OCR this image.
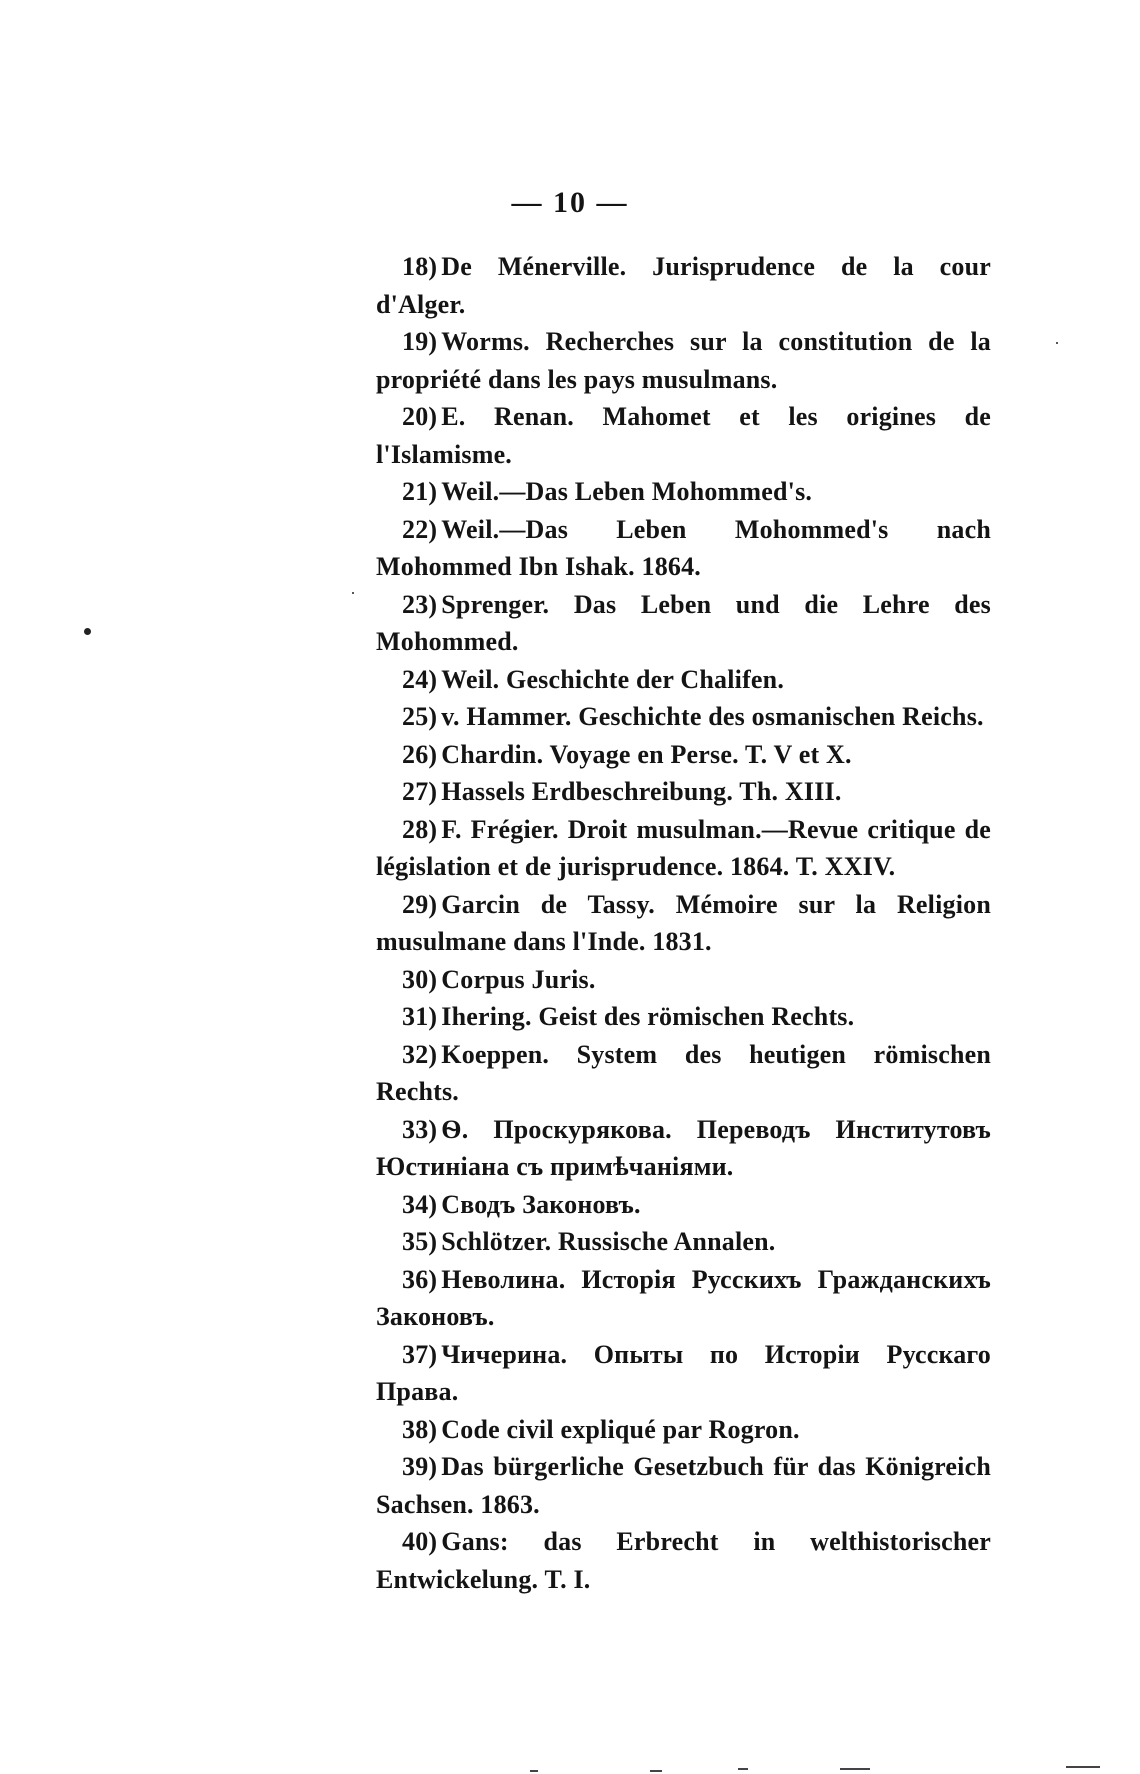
— 10 —
18) De Ménerville. Jurisprudence de la cour d'Alger.
19) Worms. Recherches sur la constitution de la propriété dans les pays musulmans.
20) E. Renan. Mahomet et les origines de l'Islamisme.
21) Weil.—Das Leben Mohommed's.
22) Weil.—Das Leben Mohommed's nach Mohommed Ibn Ishak. 1864.
23) Sprenger. Das Leben und die Lehre des Mohommed.
24) Weil. Geschichte der Chalifen.
25) v. Hammer. Geschichte des osmanischen Reichs.
26) Chardin. Voyage en Perse. T. V et X.
27) Hassels Erdbeschreibung. Th. XIII.
28) F. Frégier. Droit musulman.—Revue critique de législation et de jurisprudence. 1864. T. XXIV.
29) Garcin de Tassy. Mémoire sur la Religion musulmane dans l'Inde. 1831.
30) Corpus Juris.
31) Ihering. Geist des römischen Rechts.
32) Koeppen. System des heutigen römischen Rechts.
33) Ѳ. Проскурякова. Переводъ Институтовъ Юстиніана съ примѣчаніями.
34) Сводъ Законовъ.
35) Schlötzer. Russische Annalen.
36) Неволина. Исторія Русскихъ Гражданскихъ Законовъ.
37) Чичерина. Опыты по Исторіи Русскаго Права.
38) Code civil expliqué par Rogron.
39) Das bürgerliche Gesetzbuch für das Königreich Sachsen. 1863.
40) Gans: das Erbrecht in welthistorischer Entwickelung. T. I.
